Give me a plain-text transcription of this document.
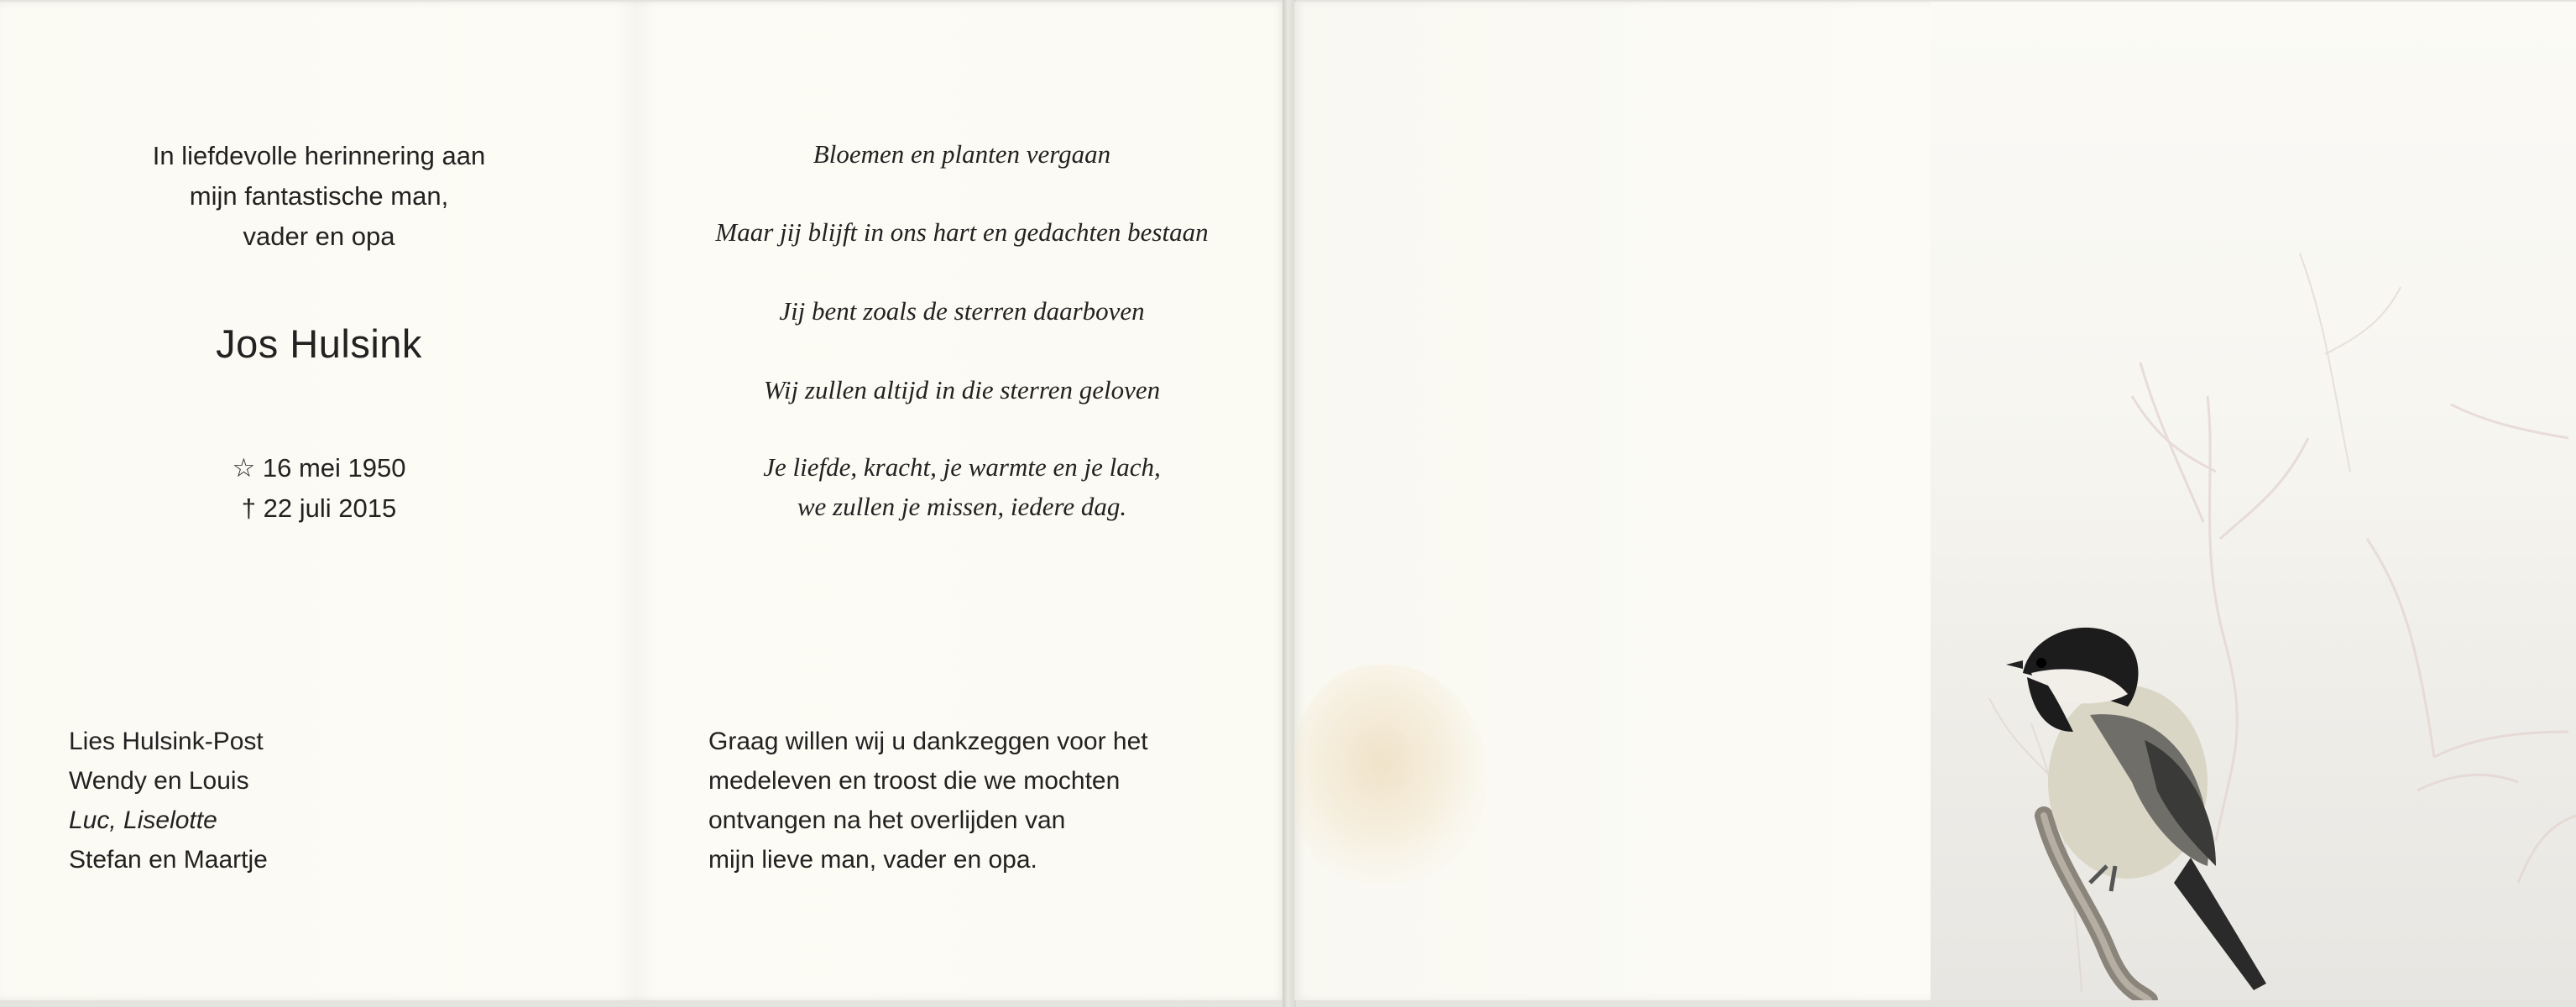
In liefdevolle herinnering aan
mijn fantastische man,
vader en opa
Jos Hulsink
☆ 16 mei 1950
† 22 juli 2015
Lies Hulsink-Post
Wendy en Louis
Luc, Liselotte
Stefan en Maartje
Bloemen en planten vergaan
Maar jij blijft in ons hart en gedachten bestaan
Jij bent zoals de sterren daarboven
Wij zullen altijd in die sterren geloven
Je liefde, kracht, je warmte en je lach,
we zullen je missen, iedere dag.
Graag willen wij u dankzeggen voor het
medeleven en troost die we mochten
ontvangen na het overlijden van
mijn lieve man, vader en opa.
